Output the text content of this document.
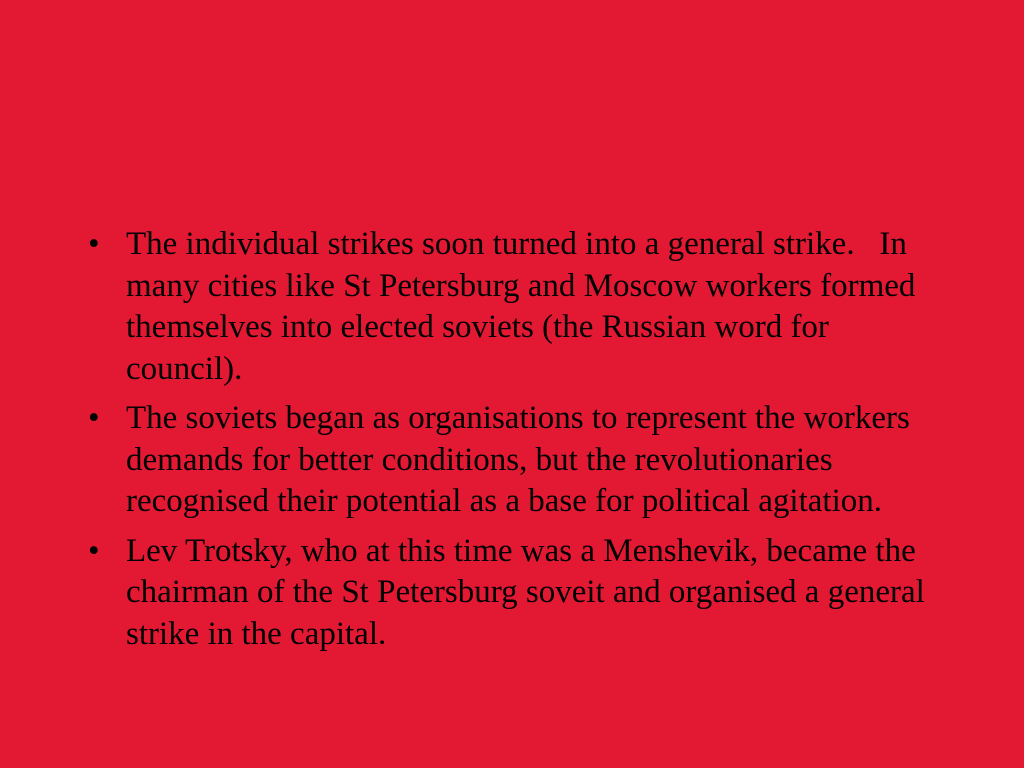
• The individual strikes soon turned into a general strike.   In many cities like St Petersburg and Moscow workers formed themselves into elected soviets (the Russian word for council).
• The soviets began as organisations to represent the workers demands for better conditions, but the revolutionaries recognised their potential as a base for political agitation.
• Lev Trotsky, who at this time was a Menshevik, became the chairman of the St Petersburg soveit and organised a general strike in the capital.
